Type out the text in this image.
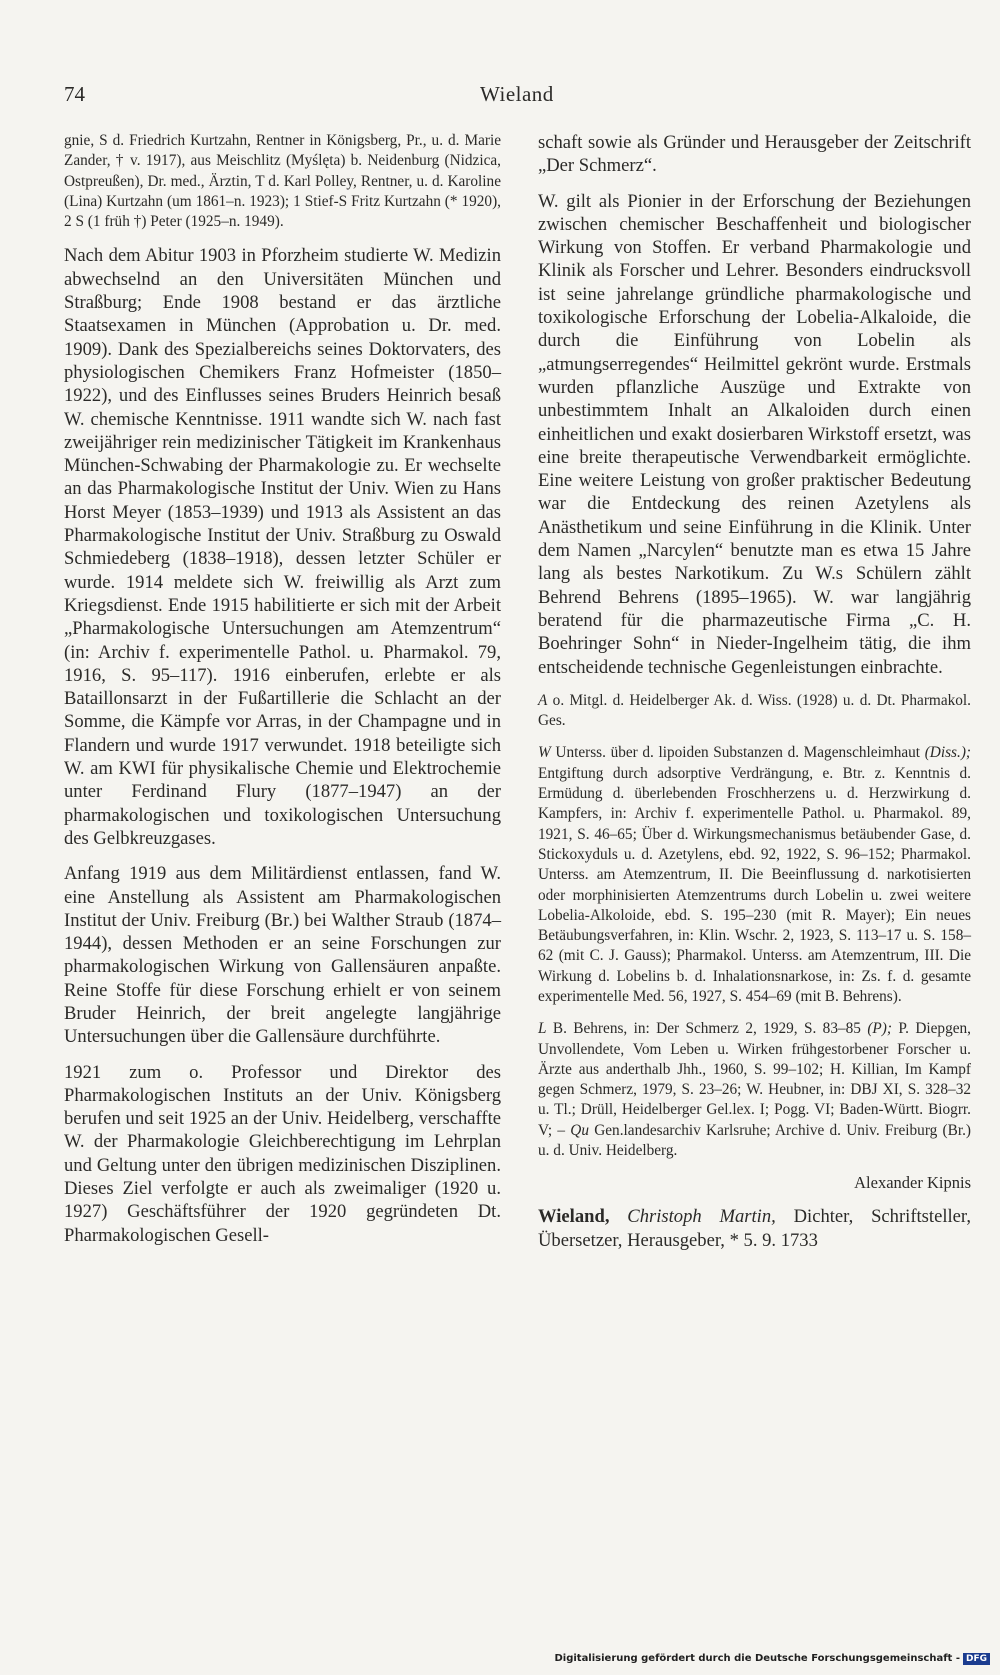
74	Wieland

gnie, S d. Friedrich Kurtzahn, Rentner in Königsberg, Pr., u. d. Marie Zander, † v. 1917), aus Meischlitz (Myślęta) b. Neidenburg (Nidzica, Ostpreußen), Dr. med., Ärztin, T d. Karl Polley, Rentner, u. d. Karoline (Lina) Kurtzahn (um 1861–n. 1923); 1 Stief-S Fritz Kurtzahn (* 1920), 2 S (1 früh †) Peter (1925–n. 1949).

Nach dem Abitur 1903 in Pforzheim studierte W. Medizin abwechselnd an den Universitäten München und Straßburg; Ende 1908 bestand er das ärztliche Staatsexamen in München (Approbation u. Dr. med. 1909). Dank des Spezialbereichs seines Doktorvaters, des physiologischen Chemikers Franz Hofmeister (1850–1922), und des Einflusses seines Bruders Heinrich besaß W. chemische Kenntnisse. 1911 wandte sich W. nach fast zweijähriger rein medizinischer Tätigkeit im Krankenhaus München-Schwabing der Pharmakologie zu. Er wechselte an das Pharmakologische Institut der Univ. Wien zu Hans Horst Meyer (1853–1939) und 1913 als Assistent an das Pharmakologische Institut der Univ. Straßburg zu Oswald Schmiedeberg (1838–1918), dessen letzter Schüler er wurde. 1914 meldete sich W. freiwillig als Arzt zum Kriegsdienst. Ende 1915 habilitierte er sich mit der Arbeit „Pharmakologische Untersuchungen am Atemzentrum“ (in: Archiv f. experimentelle Pathol. u. Pharmakol. 79, 1916, S. 95–117). 1916 einberufen, erlebte er als Bataillonsarzt in der Fußartillerie die Schlacht an der Somme, die Kämpfe vor Arras, in der Champagne und in Flandern und wurde 1917 verwundet. 1918 beteiligte sich W. am KWI für physikalische Chemie und Elektrochemie unter Ferdinand Flury (1877–1947) an der pharmakologischen und toxikologischen Untersuchung des Gelbkreuzgases.

Anfang 1919 aus dem Militärdienst entlassen, fand W. eine Anstellung als Assistent am Pharmakologischen Institut der Univ. Freiburg (Br.) bei Walther Straub (1874–1944), dessen Methoden er an seine Forschungen zur pharmakologischen Wirkung von Gallensäuren anpaßte. Reine Stoffe für diese Forschung erhielt er von seinem Bruder Heinrich, der breit angelegte langjährige Untersuchungen über die Gallensäure durchführte.

1921 zum o. Professor und Direktor des Pharmakologischen Instituts an der Univ. Königsberg berufen und seit 1925 an der Univ. Heidelberg, verschaffte W. der Pharmakologie Gleichberechtigung im Lehrplan und Geltung unter den übrigen medizinischen Disziplinen. Dieses Ziel verfolgte er auch als zweimaliger (1920 u. 1927) Geschäftsführer der 1920 gegründeten Dt. Pharmakologischen Gesell-

schaft sowie als Gründer und Herausgeber der Zeitschrift „Der Schmerz“.

W. gilt als Pionier in der Erforschung der Beziehungen zwischen chemischer Beschaffenheit und biologischer Wirkung von Stoffen. Er verband Pharmakologie und Klinik als Forscher und Lehrer. Besonders eindrucksvoll ist seine jahrelange gründliche pharmakologische und toxikologische Erforschung der Lobelia-Alkaloide, die durch die Einführung von Lobelin als „atmungserregendes“ Heilmittel gekrönt wurde. Erstmals wurden pflanzliche Auszüge und Extrakte von unbestimmtem Inhalt an Alkaloiden durch einen einheitlichen und exakt dosierbaren Wirkstoff ersetzt, was eine breite therapeutische Verwendbarkeit ermöglichte. Eine weitere Leistung von großer praktischer Bedeutung war die Entdeckung des reinen Azetylens als Anästhetikum und seine Einführung in die Klinik. Unter dem Namen „Narcylen“ benutzte man es etwa 15 Jahre lang als bestes Narkotikum. Zu W.s Schülern zählt Behrend Behrens (1895–1965). W. war langjährig beratend für die pharmazeutische Firma „C. H. Boehringer Sohn“ in Nieder-Ingelheim tätig, die ihm entscheidende technische Gegenleistungen einbrachte.

A o. Mitgl. d. Heidelberger Ak. d. Wiss. (1928) u. d. Dt. Pharmakol. Ges.

W Unterss. über d. lipoiden Substanzen d. Magenschleimhaut (Diss.); Entgiftung durch adsorptive Verdrängung, e. Btr. z. Kenntnis d. Ermüdung d. überlebenden Froschherzens u. d. Herzwirkung d. Kampfers, in: Archiv f. experimentelle Pathol. u. Pharmakol. 89, 1921, S. 46–65; Über d. Wirkungsmechanismus betäubender Gase, d. Stickoxyduls u. d. Azetylens, ebd. 92, 1922, S. 96–152; Pharmakol. Unterss. am Atemzentrum, II. Die Beeinflussung d. narkotisierten oder morphinisierten Atemzentrums durch Lobelin u. zwei weitere Lobelia-Alkoloide, ebd. S. 195–230 (mit R. Mayer); Ein neues Betäubungsverfahren, in: Klin. Wschr. 2, 1923, S. 113–17 u. S. 158–62 (mit C. J. Gauss); Pharmakol. Unterss. am Atemzentrum, III. Die Wirkung d. Lobelins b. d. Inhalationsnarkose, in: Zs. f. d. gesamte experimentelle Med. 56, 1927, S. 454–69 (mit B. Behrens).

L B. Behrens, in: Der Schmerz 2, 1929, S. 83–85 (P); P. Diepgen, Unvollendete, Vom Leben u. Wirken frühgestorbener Forscher u. Ärzte aus anderthalb Jhh., 1960, S. 99–102; H. Killian, Im Kampf gegen Schmerz, 1979, S. 23–26; W. Heubner, in: DBJ XI, S. 328–32 u. Tl.; Drüll, Heidelberger Gel.lex. I; Pogg. VI; Baden-Württ. Biogrr. V; – Qu Gen.landesarchiv Karlsruhe; Archive d. Univ. Freiburg (Br.) u. d. Univ. Heidelberg.

Alexander Kipnis

Wieland, Christoph Martin, Dichter, Schriftsteller, Übersetzer, Herausgeber, * 5. 9. 1733

Digitalisierung gefördert durch die Deutsche Forschungsgemeinschaft - DFG
